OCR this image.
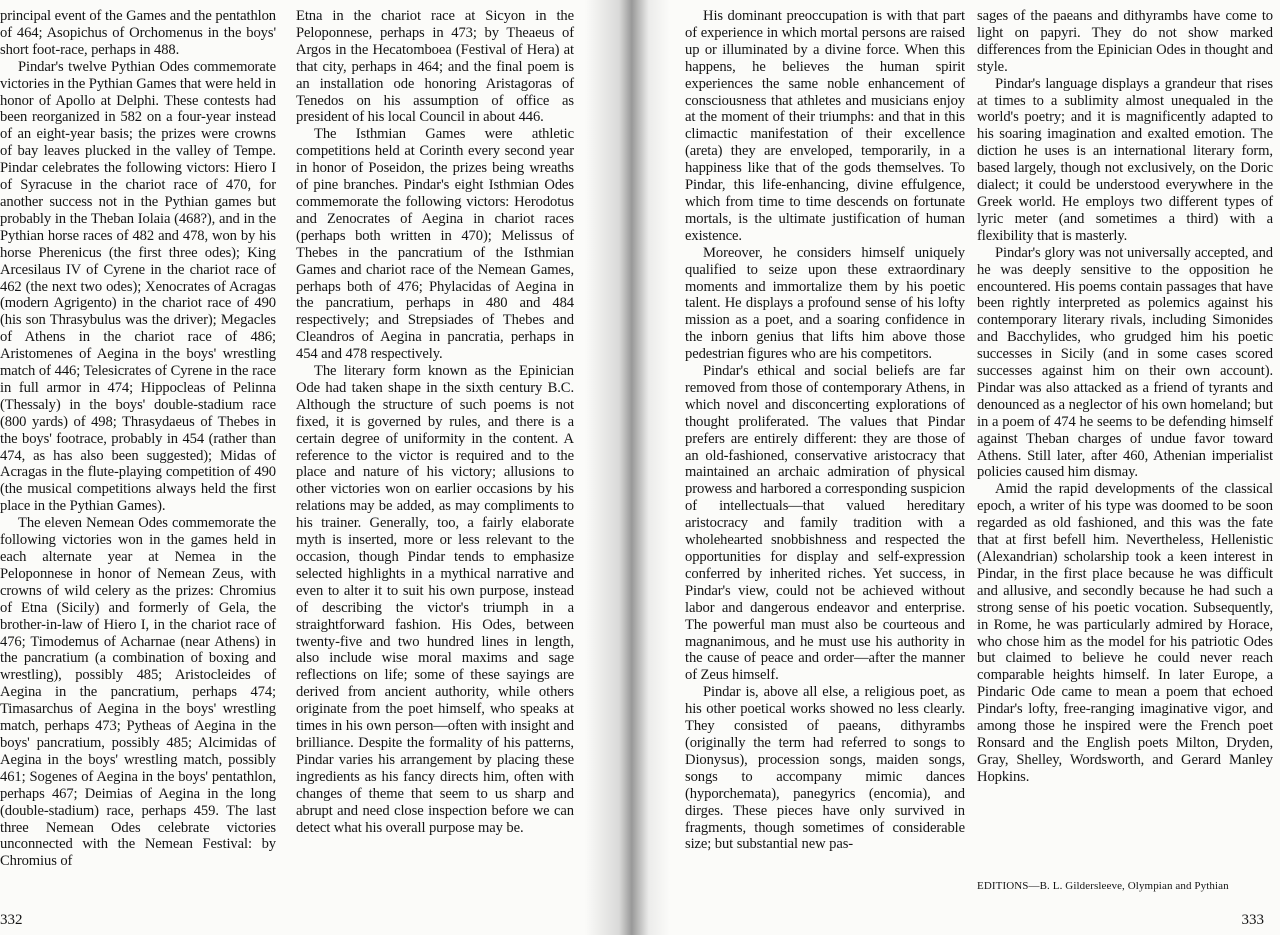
principal event of the Games and the pentathlon of 464; Asopichus of Orchomenus in the boys' short foot-race, perhaps in 488.

Pindar's twelve Pythian Odes commemorate victories in the Pythian Games that were held in honor of Apollo at Delphi. These contests had been reorganized in 582 on a four-year instead of an eight-year basis; the prizes were crowns of bay leaves plucked in the valley of Tempe. Pindar celebrates the following victors: Hiero I of Syracuse in the chariot race of 470, for another success not in the Pythian games but probably in the Theban Iolaia (468?), and in the Pythian horse races of 482 and 478, won by his horse Pherenicus (the first three odes); King Arcesilaus IV of Cyrene in the chariot race of 462 (the next two odes); Xenocrates of Acragas (modern Agrigento) in the chariot race of 490 (his son Thrasybulus was the driver); Megacles of Athens in the chariot race of 486; Aristomenes of Aegina in the boys' wrestling match of 446; Telesicrates of Cyrene in the race in full armor in 474; Hippocleas of Pelinna (Thessaly) in the boys' double-stadium race (800 yards) of 498; Thrasydaeus of Thebes in the boys' footrace, probably in 454 (rather than 474, as has also been suggested); Midas of Acragas in the flute-playing competition of 490 (the musical competitions always held the first place in the Pythian Games).

The eleven Nemean Odes commemorate the following victories won in the games held in each alternate year at Nemea in the Peloponnese in honor of Nemean Zeus, with crowns of wild celery as the prizes: Chromius of Etna (Sicily) and formerly of Gela, the brother-in-law of Hiero I, in the chariot race of 476; Timodemus of Acharnae (near Athens) in the pancratium (a combination of boxing and wrestling), possibly 485; Aristocleides of Aegina in the pancratium, perhaps 474; Timasarchus of Aegina in the boys' wrestling match, perhaps 473; Pytheas of Aegina in the boys' pancratium, possibly 485; Alcimidas of Aegina in the boys' wrestling match, possibly 461; Sogenes of Aegina in the boys' pentathlon, perhaps 467; Deimias of Aegina in the long (double-stadium) race, perhaps 459. The last three Nemean Odes celebrate victories unconnected with the Nemean Festival: by Chromius of

Etna in the chariot race at Sicyon in the Peloponnese, perhaps in 473; by Theaeus of Argos in the Hecatomboea (Festival of Hera) at that city, perhaps in 464; and the final poem is an installation ode honoring Aristagoras of Tenedos on his assumption of office as president of his local Council in about 446.

The Isthmian Games were athletic competitions held at Corinth every second year in honor of Poseidon, the prizes being wreaths of pine branches. Pindar's eight Isthmian Odes commemorate the following victors: Herodotus and Zenocrates of Aegina in chariot races (perhaps both written in 470); Melissus of Thebes in the pancratium of the Isthmian Games and chariot race of the Nemean Games, perhaps both of 476; Phylacidas of Aegina in the pancratium, perhaps in 480 and 484 respectively; and Strepsiades of Thebes and Cleandros of Aegina in pancratia, perhaps in 454 and 478 respectively.

The literary form known as the Epinician Ode had taken shape in the sixth century B.C. Although the structure of such poems is not fixed, it is governed by rules, and there is a certain degree of uniformity in the content. A reference to the victor is required and to the place and nature of his victory; allusions to other victories won on earlier occasions by his relations may be added, as may compliments to his trainer. Generally, too, a fairly elaborate myth is inserted, more or less relevant to the occasion, though Pindar tends to emphasize selected highlights in a mythical narrative and even to alter it to suit his own purpose, instead of describing the victor's triumph in a straightforward fashion. His Odes, between twenty-five and two hundred lines in length, also include wise moral maxims and sage reflections on life; some of these sayings are derived from ancient authority, while others originate from the poet himself, who speaks at times in his own person—often with insight and brilliance. Despite the formality of his patterns, Pindar varies his arrangement by placing these ingredients as his fancy directs him, often with changes of theme that seem to us sharp and abrupt and need close inspection before we can detect what his overall purpose may be.

332

His dominant preoccupation is with that part of experience in which mortal persons are raised up or illuminated by a divine force. When this happens, he believes the human spirit experiences the same noble enhancement of consciousness that athletes and musicians enjoy at the moment of their triumphs: and that in this climactic manifestation of their excellence (areta) they are enveloped, temporarily, in a happiness like that of the gods themselves. To Pindar, this life-enhancing, divine effulgence, which from time to time descends on fortunate mortals, is the ultimate justification of human existence.

Moreover, he considers himself uniquely qualified to seize upon these extraordinary moments and immortalize them by his poetic talent. He displays a profound sense of his lofty mission as a poet, and a soaring confidence in the inborn genius that lifts him above those pedestrian figures who are his competitors.

Pindar's ethical and social beliefs are far removed from those of contemporary Athens, in which novel and disconcerting explorations of thought proliferated. The values that Pindar prefers are entirely different: they are those of an old-fashioned, conservative aristocracy that maintained an archaic admiration of physical prowess and harbored a corresponding suspicion of intellectuals—that valued hereditary aristocracy and family tradition with a wholehearted snobbishness and respected the opportunities for display and self-expression conferred by inherited riches. Yet success, in Pindar's view, could not be achieved without labor and dangerous endeavor and enterprise. The powerful man must also be courteous and magnanimous, and he must use his authority in the cause of peace and order—after the manner of Zeus himself.

Pindar is, above all else, a religious poet, as his other poetical works showed no less clearly. They consisted of paeans, dithyrambs (originally the term had referred to songs to Dionysus), procession songs, maiden songs, songs to accompany mimic dances (hyporchemata), panegyrics (encomia), and dirges. These pieces have only survived in fragments, though sometimes of considerable size; but substantial new pas-

sages of the paeans and dithyrambs have come to light on papyri. They do not show marked differences from the Epinician Odes in thought and style.

Pindar's language displays a grandeur that rises at times to a sublimity almost unequaled in the world's poetry; and it is magnificently adapted to his soaring imagination and exalted emotion. The diction he uses is an international literary form, based largely, though not exclusively, on the Doric dialect; it could be understood everywhere in the Greek world. He employs two different types of lyric meter (and sometimes a third) with a flexibility that is masterly.

Pindar's glory was not universally accepted, and he was deeply sensitive to the opposition he encountered. His poems contain passages that have been rightly interpreted as polemics against his contemporary literary rivals, including Simonides and Bacchylides, who grudged him his poetic successes in Sicily (and in some cases scored successes against him on their own account). Pindar was also attacked as a friend of tyrants and denounced as a neglector of his own homeland; but in a poem of 474 he seems to be defending himself against Theban charges of undue favor toward Athens. Still later, after 460, Athenian imperialist policies caused him dismay.

Amid the rapid developments of the classical epoch, a writer of his type was doomed to be soon regarded as old fashioned, and this was the fate that at first befell him. Nevertheless, Hellenistic (Alexandrian) scholarship took a keen interest in Pindar, in the first place because he was difficult and allusive, and secondly because he had such a strong sense of his poetic vocation. Subsequently, in Rome, he was particularly admired by Horace, who chose him as the model for his patriotic Odes but claimed to believe he could never reach comparable heights himself. In later Europe, a Pindaric Ode came to mean a poem that echoed Pindar's lofty, free-ranging imaginative vigor, and among those he inspired were the French poet Ronsard and the English poets Milton, Dryden, Gray, Shelley, Wordsworth, and Gerard Manley Hopkins.

EDITIONS—B. L. Gildersleeve, Olympian and Pythian
333
